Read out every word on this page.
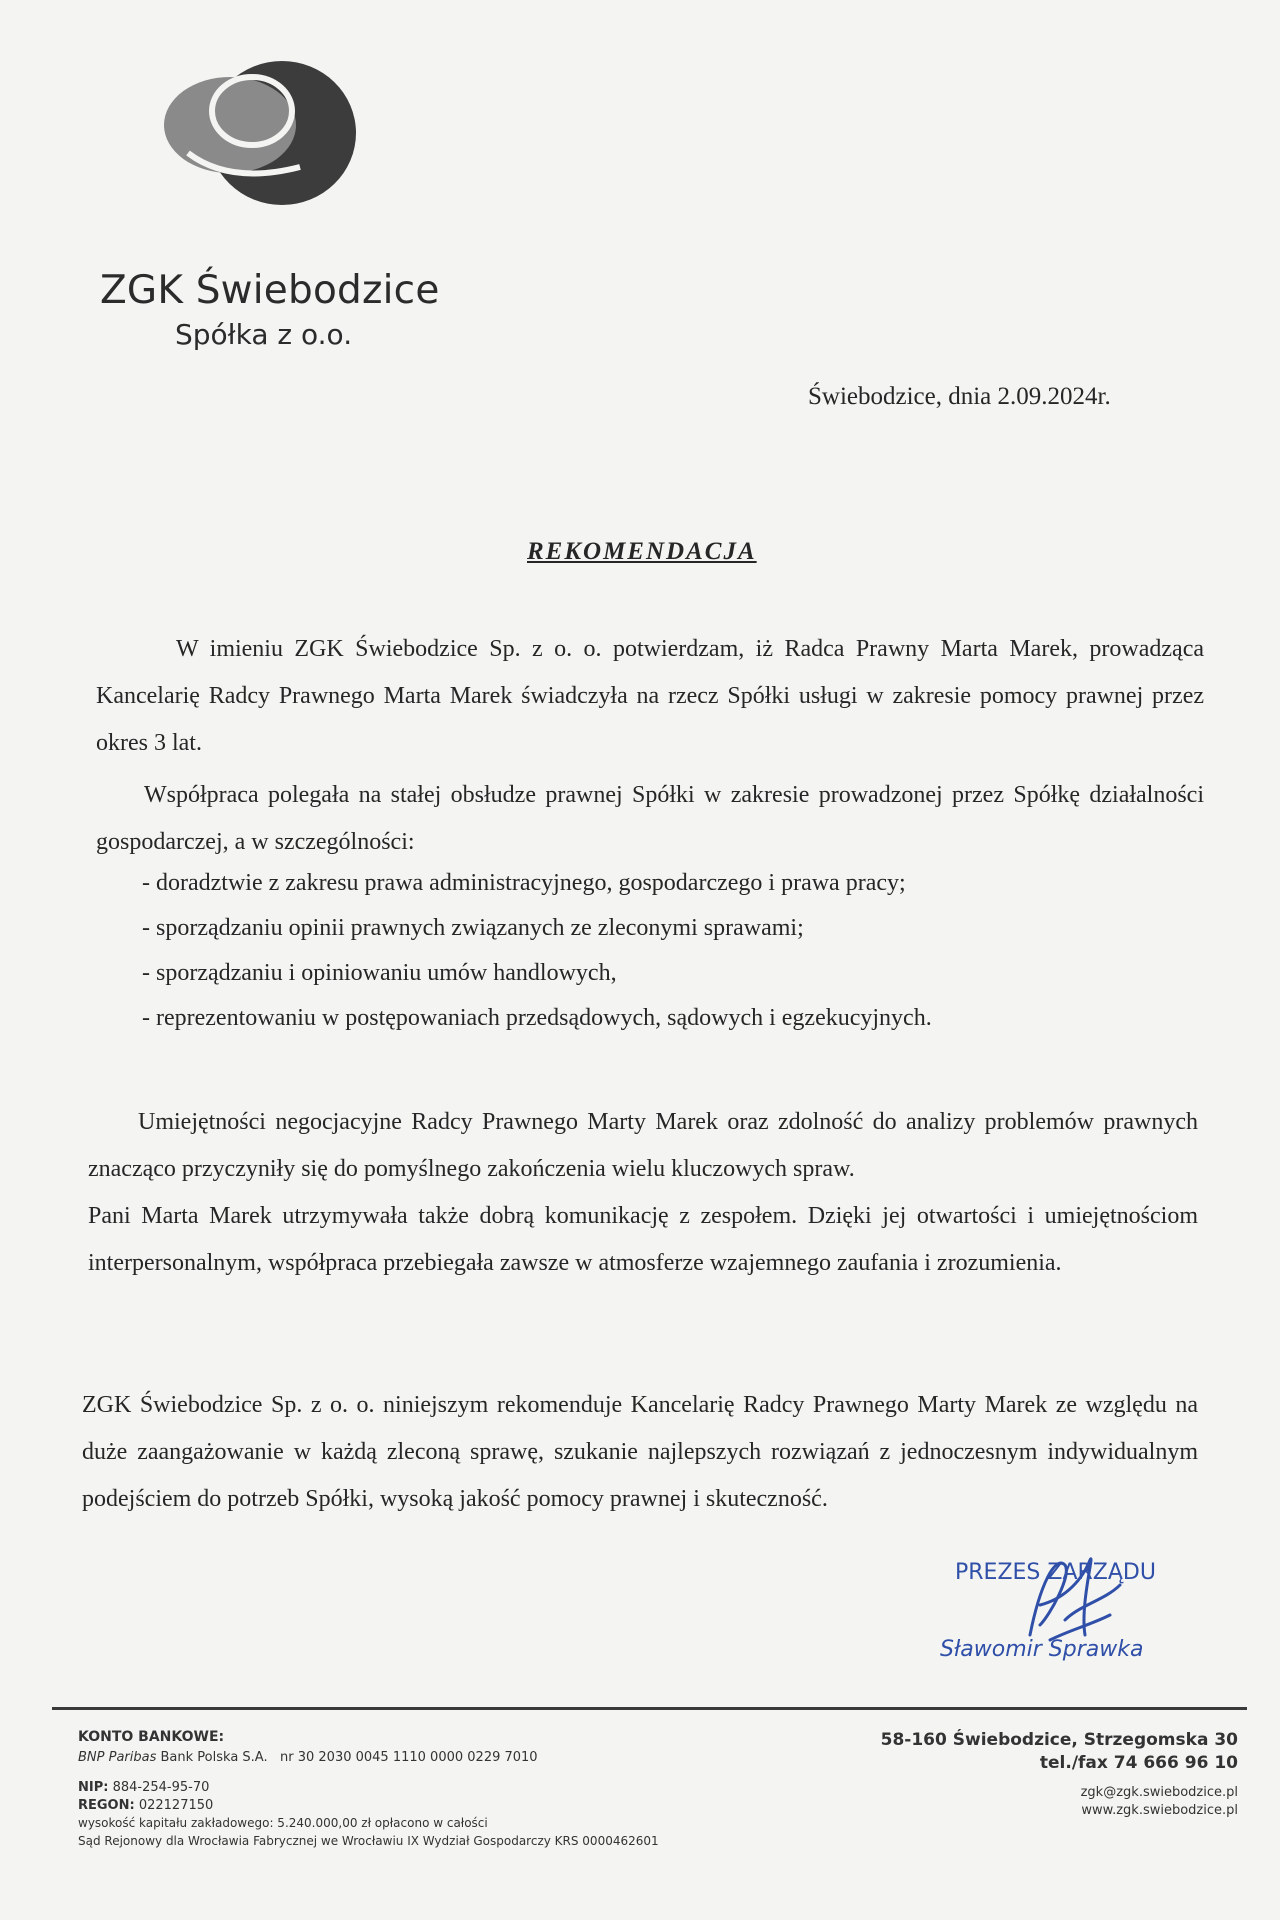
ZGK Świebodzice
Spółka z o.o.
Świebodzice, dnia 2.09.2024r.
REKOMENDACJA
W imieniu ZGK Świebodzice Sp. z o. o. potwierdzam, iż Radca Prawny Marta Marek, prowadząca Kancelarię Radcy Prawnego Marta Marek świadczyła na rzecz Spółki usługi w zakresie pomocy prawnej przez okres 3 lat.
Współpraca polegała na stałej obsłudze prawnej Spółki w zakresie prowadzonej przez Spółkę działalności gospodarczej, a w szczególności:
- doradztwie z zakresu prawa administracyjnego, gospodarczego i prawa pracy;
- sporządzaniu opinii prawnych związanych ze zleconymi sprawami;
- sporządzaniu i opiniowaniu umów handlowych,
- reprezentowaniu w postępowaniach przedsądowych, sądowych i egzekucyjnych.
Umiejętności negocjacyjne Radcy Prawnego Marty Marek oraz zdolność do analizy problemów prawnych znacząco przyczyniły się do pomyślnego zakończenia wielu kluczowych spraw.
Pani Marta Marek utrzymywała także dobrą komunikację z zespołem. Dzięki jej otwartości i umiejętnościom interpersonalnym, współpraca przebiegała zawsze w atmosferze wzajemnego zaufania i zrozumienia.
ZGK Świebodzice Sp. z o. o. niniejszym rekomenduje Kancelarię Radcy Prawnego Marty Marek ze względu na duże zaangażowanie w każdą zleconą sprawę, szukanie najlepszych rozwiązań z jednoczesnym indywidualnym podejściem do potrzeb Spółki, wysoką jakość pomocy prawnej i skuteczność.
PREZES ZARZĄDU
Sławomir Sprawka
KONTO BANKOWE:
BNP Paribas Bank Polska S.A. nr 30 2030 0045 1110 0000 0229 7010
NIP: 884-254-95-70
REGON: 022127150
wysokość kapitału zakładowego: 5.240.000,00 zł opłacono w całości
Sąd Rejonowy dla Wrocławia Fabrycznej we Wrocławiu IX Wydział Gospodarczy KRS 0000462601
58-160 Świebodzice, Strzegomska 30
tel./fax 74 666 96 10
zgk@zgk.swiebodzice.pl
www.zgk.swiebodzice.pl
